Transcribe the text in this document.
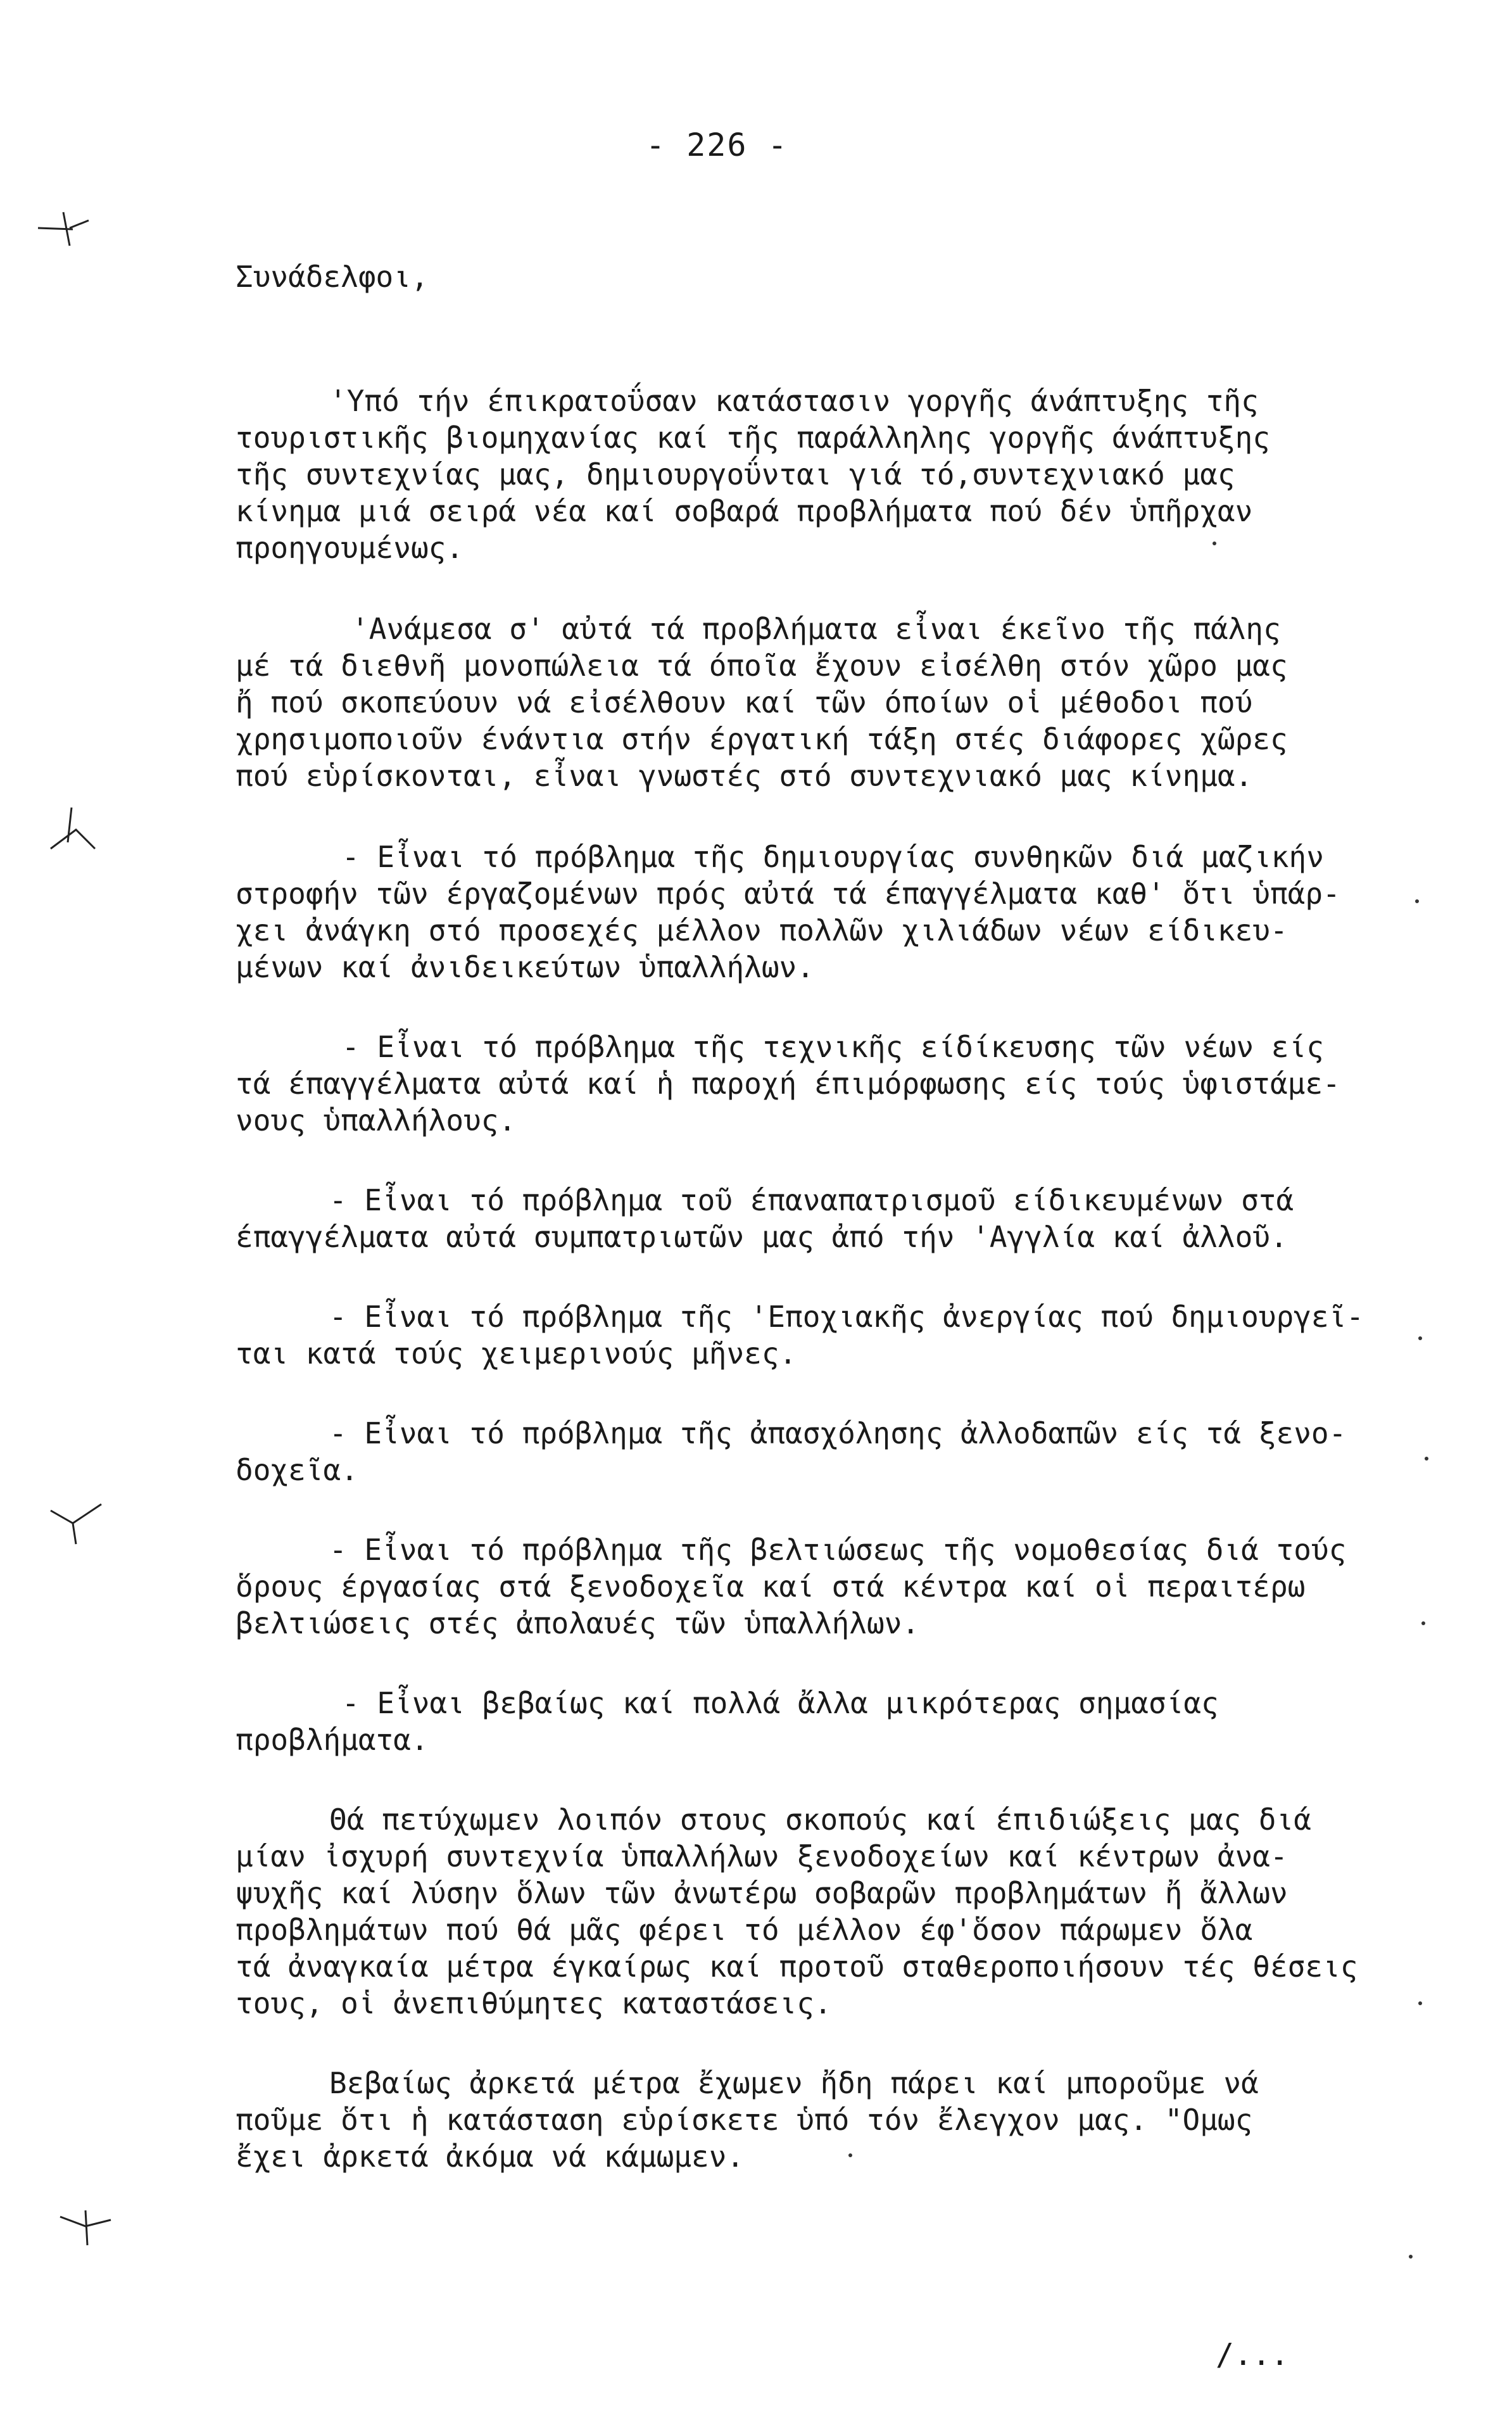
- 226 -
Συνάδελφοι,
'Υπό τήν έπικρατοΰσαν κατάστασιν γοργῆς άνάπτυξης τῆς
τουριστικῆς βιομηχανίας καί τῆς παράλληλης γοργῆς άνάπτυξης
τῆς συντεχνίας μας, δημιουργοΰνται γιά τό,συντεχνιακό μας
κίνημα μιά σειρά νέα καί σοβαρά προβλήματα πού δέν ὑπῆρχαν
προηγουμένως.
'Ανάμεσα σ' αὐτά τά προβλήματα εἶναι έκεῖνο τῆς πάλης
μέ τά διεθνῆ μονοπώλεια τά όποῖα ἔχουν εἰσέλθη στόν χῶρο μας
ἤ πού σκοπεύουν νά εἰσέλθουν καί τῶν όποίων οἱ μέθοδοι πού
χρησιμοποιοῦν ένάντια στήν έργατική τάξη στές διάφορες χῶρες
πού εὑρίσκονται, εἶναι γνωστές στό συντεχνιακό μας κίνημα.
- Εἶναι τό πρόβλημα τῆς δημιουργίας συνθηκῶν διά μαζικήν
στροφήν τῶν έργαζομένων πρός αὐτά τά έπαγγέλματα καθ' ὅτι ὑπάρ-
χει ἀνάγκη στό προσεχές μέλλον πολλῶν χιλιάδων νέων είδικευ-
μένων καί ἀνιδεικεύτων ὑπαλλήλων.
- Εἶναι τό πρόβλημα τῆς τεχνικῆς είδίκευσης τῶν νέων είς
τά έπαγγέλματα αὐτά καί ἡ παροχή έπιμόρφωσης είς τούς ὑφιστάμε-
νους ὑπαλλήλους.
- Εἶναι τό πρόβλημα τοῦ έπαναπατρισμοῦ είδικευμένων στά
έπαγγέλματα αὐτά συμπατριωτῶν μας ἀπό τήν 'Αγγλία καί ἀλλοῦ.
- Εἶναι τό πρόβλημα τῆς 'Εποχιακῆς ἀνεργίας πού δημιουργεῖ-
ται κατά τούς χειμερινούς μῆνες.
- Εἶναι τό πρόβλημα τῆς ἀπασχόλησης ἀλλοδαπῶν είς τά ξενο-
δοχεῖα.
- Εἶναι τό πρόβλημα τῆς βελτιώσεως τῆς νομοθεσίας διά τούς
ὅρους έργασίας στά ξενοδοχεῖα καί στά κέντρα καί οἱ περαιτέρω
βελτιώσεις στές ἀπολαυές τῶν ὑπαλλήλων.
- Εἶναι βεβαίως καί πολλά ἄλλα μικρότερας σημασίας
προβλήματα.
Θά πετύχωμεν λοιπόν στους σκοπούς καί έπιδιώξεις μας διά
μίαν ἰσχυρή συντεχνία ὑπαλλήλων ξενοδοχείων καί κέντρων ἀνα-
ψυχῆς καί λύσην ὅλων τῶν ἀνωτέρω σοβαρῶν προβλημάτων ἤ ἄλλων
προβλημάτων πού θά μᾶς φέρει τό μέλλον έφ'ὅσον πάρωμεν ὅλα
τά ἀναγκαία μέτρα έγκαίρως καί προτοῦ σταθεροποιήσουν τές θέσεις
τους, οἱ ἀνεπιθύμητες καταστάσεις.
Βεβαίως ἀρκετά μέτρα ἔχωμεν ἤδη πάρει καί μποροῦμε νά
ποῦμε ὅτι ἡ κατάσταση εὑρίσκετε ὑπό τόν ἔλεγχον μας. "Ομως
ἔχει ἀρκετά ἀκόμα νά κάμωμεν.
/...
